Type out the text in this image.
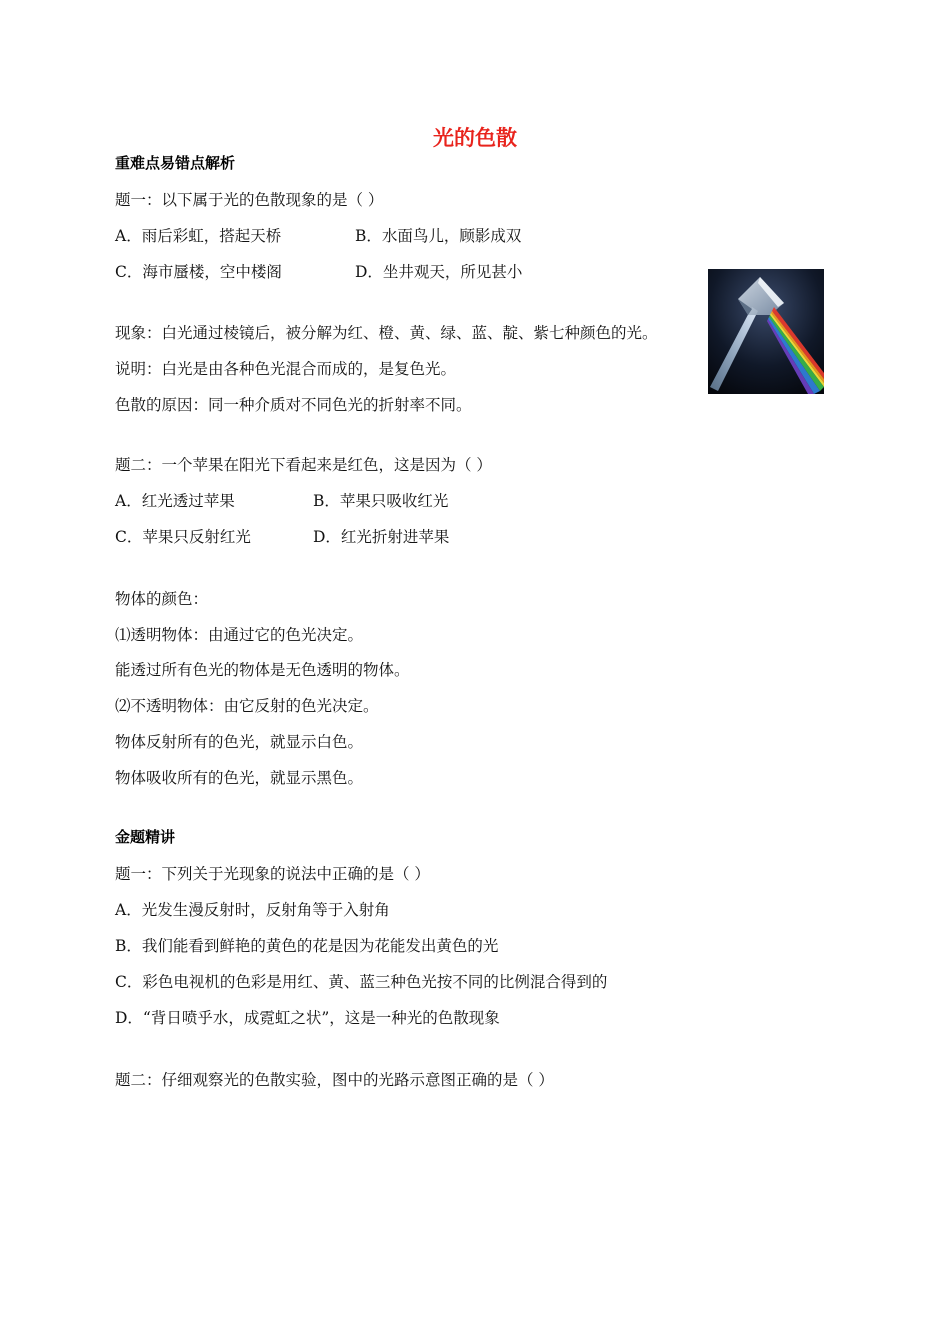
光的色散
重难点易错点解析
题一：以下属于光的色散现象的是（ ）
A．雨后彩虹，搭起天桥	B．水面鸟儿，顾影成双
C．海市蜃楼，空中楼阁	D．坐井观天，所见甚小
现象：白光通过棱镜后，被分解为红、橙、黄、绿、蓝、靛、紫七种颜色的光。
说明：白光是由各种色光混合而成的，是复色光。
色散的原因：同一种介质对不同色光的折射率不同。
题二：一个苹果在阳光下看起来是红色，这是因为（ ）
A．红光透过苹果	B．苹果只吸收红光
C．苹果只反射红光	D．红光折射进苹果
物体的颜色：
⑴透明物体：由通过它的色光决定。
能透过所有色光的物体是无色透明的物体。
⑵不透明物体：由它反射的色光决定。
物体反射所有的色光，就显示白色。
物体吸收所有的色光，就显示黑色。
金题精讲
题一：下列关于光现象的说法中正确的是（ ）
A．光发生漫反射时，反射角等于入射角
B．我们能看到鲜艳的黄色的花是因为花能发出黄色的光
C．彩色电视机的色彩是用红、黄、蓝三种色光按不同的比例混合得到的
D．“背日喷乎水，成霓虹之状”，这是一种光的色散现象
题二：仔细观察光的色散实验，图中的光路示意图正确的是（ ）
